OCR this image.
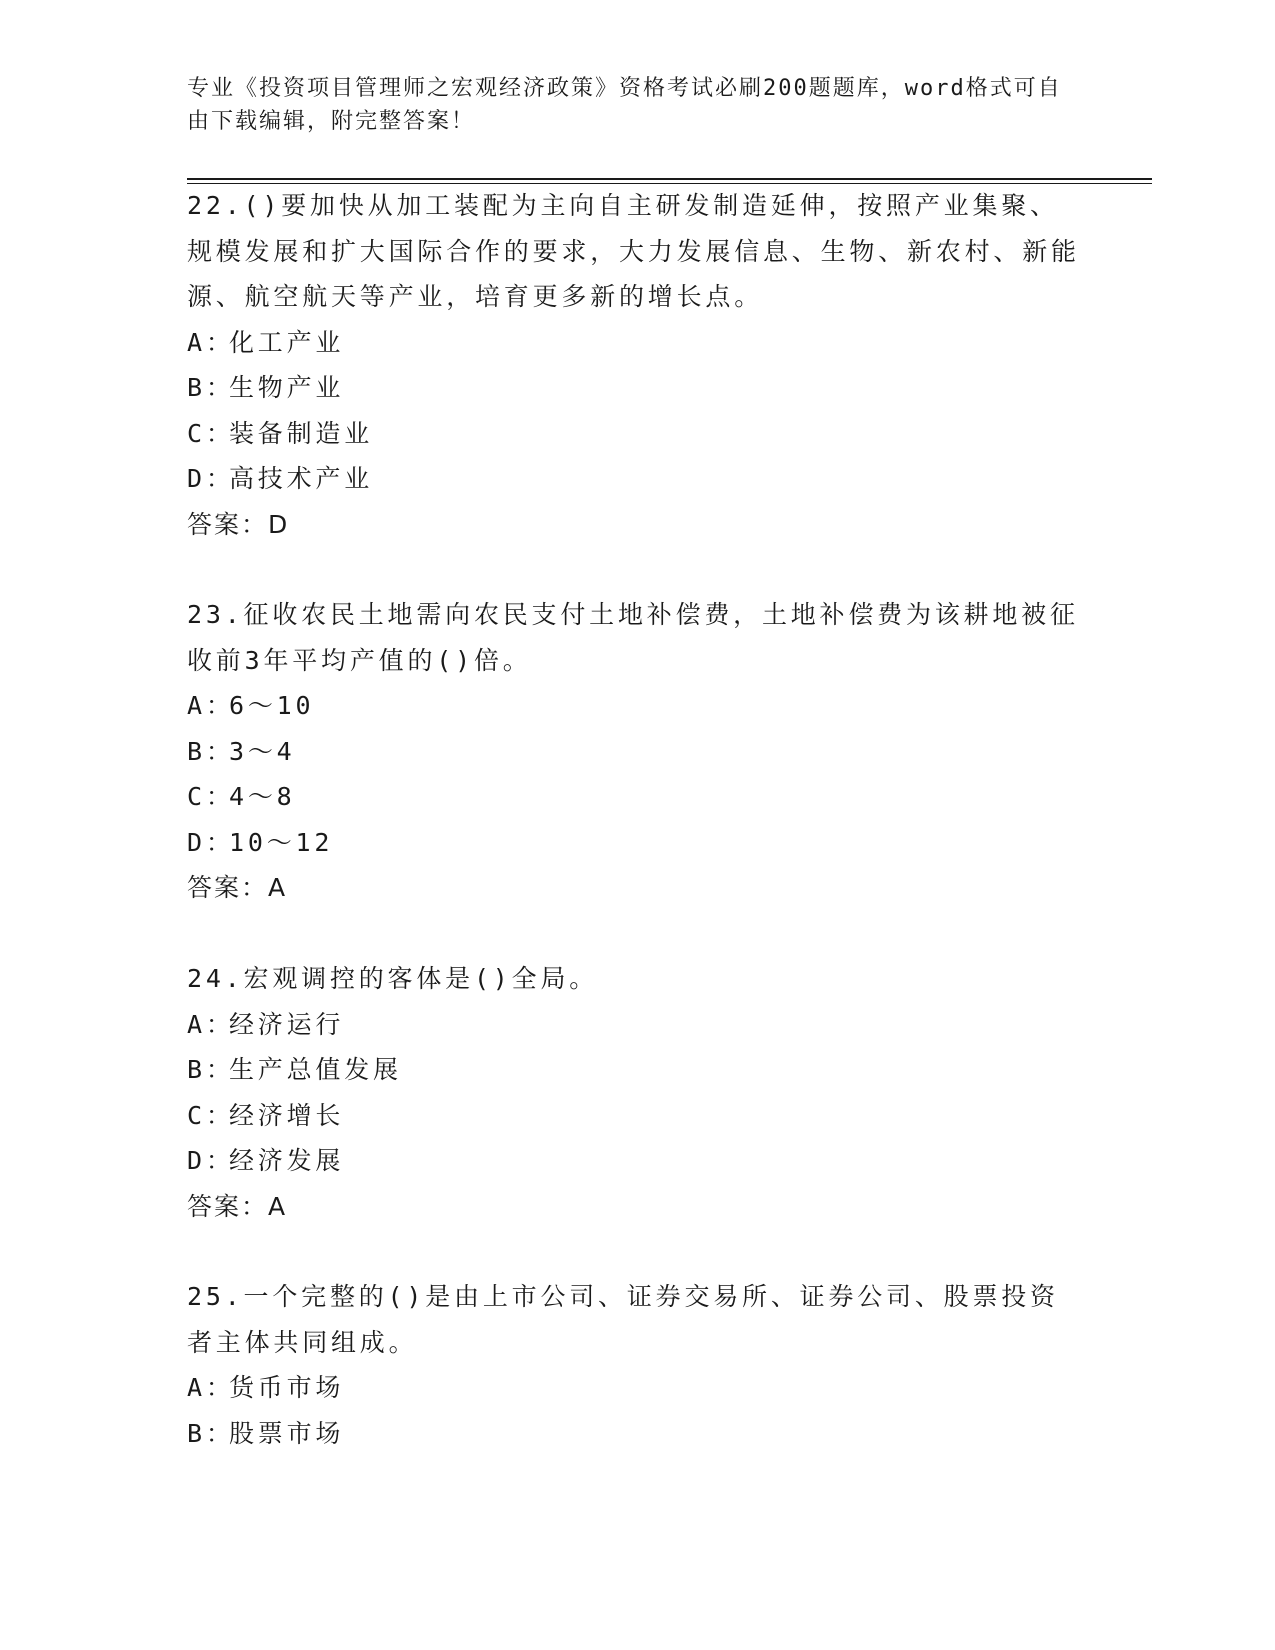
专业《投资项目管理师之宏观经济政策》资格考试必刷200题题库，word格式可自由下载编辑，附完整答案！

22.()要加快从加工装配为主向自主研发制造延伸，按照产业集聚、规模发展和扩大国际合作的要求，大力发展信息、生物、新农村、新能源、航空航天等产业，培育更多新的增长点。

A：化工产业

B：生物产业

C：装备制造业

D：高技术产业

答案：D

23.征收农民土地需向农民支付土地补偿费，土地补偿费为该耕地被征收前3年平均产值的()倍。

A：6～10

B：3～4

C：4～8

D：10～12

答案：A

24.宏观调控的客体是()全局。

A：经济运行

B：生产总值发展

C：经济增长

D：经济发展

答案：A

25.一个完整的()是由上市公司、证券交易所、证券公司、股票投资者主体共同组成。

A：货币市场

B：股票市场
